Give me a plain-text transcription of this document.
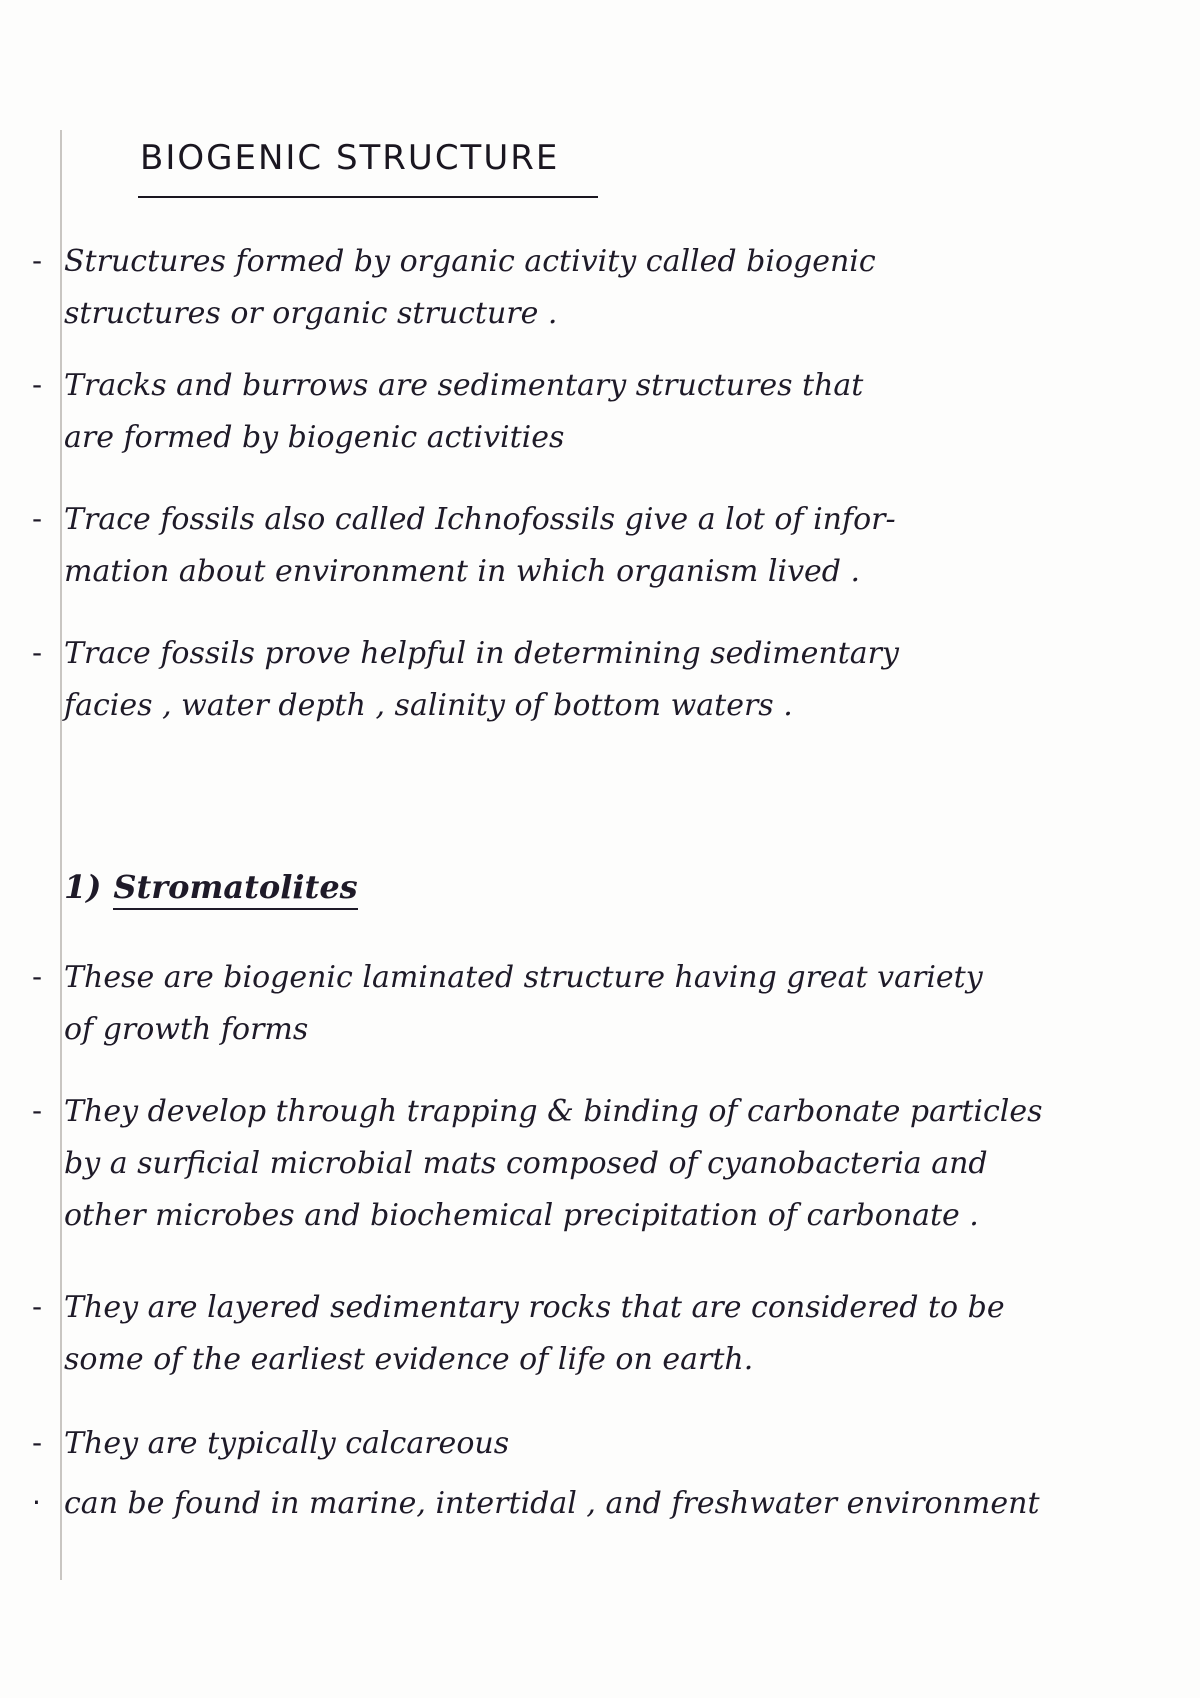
BIOGENIC STRUCTURE
- Structures formed by organic activity called biogenic
structures or organic structure .
- Tracks and burrows are sedimentary structures that
are formed by biogenic activities
- Trace fossils also called Ichnofossils give a lot of infor-
mation about environment in which organism lived .
- Trace fossils prove helpful in determining sedimentary
facies , water depth , salinity of bottom waters .
1) Stromatolites
- These are biogenic laminated structure having great variety
of growth forms
- They develop through trapping & binding of carbonate particles
by a surficial microbial mats composed of cyanobacteria and
other microbes and biochemical precipitation of carbonate .
- They are layered sedimentary rocks that are considered to be
some of the earliest evidence of life on earth.
- They are typically calcareous
· can be found in marine, intertidal , and freshwater environment
